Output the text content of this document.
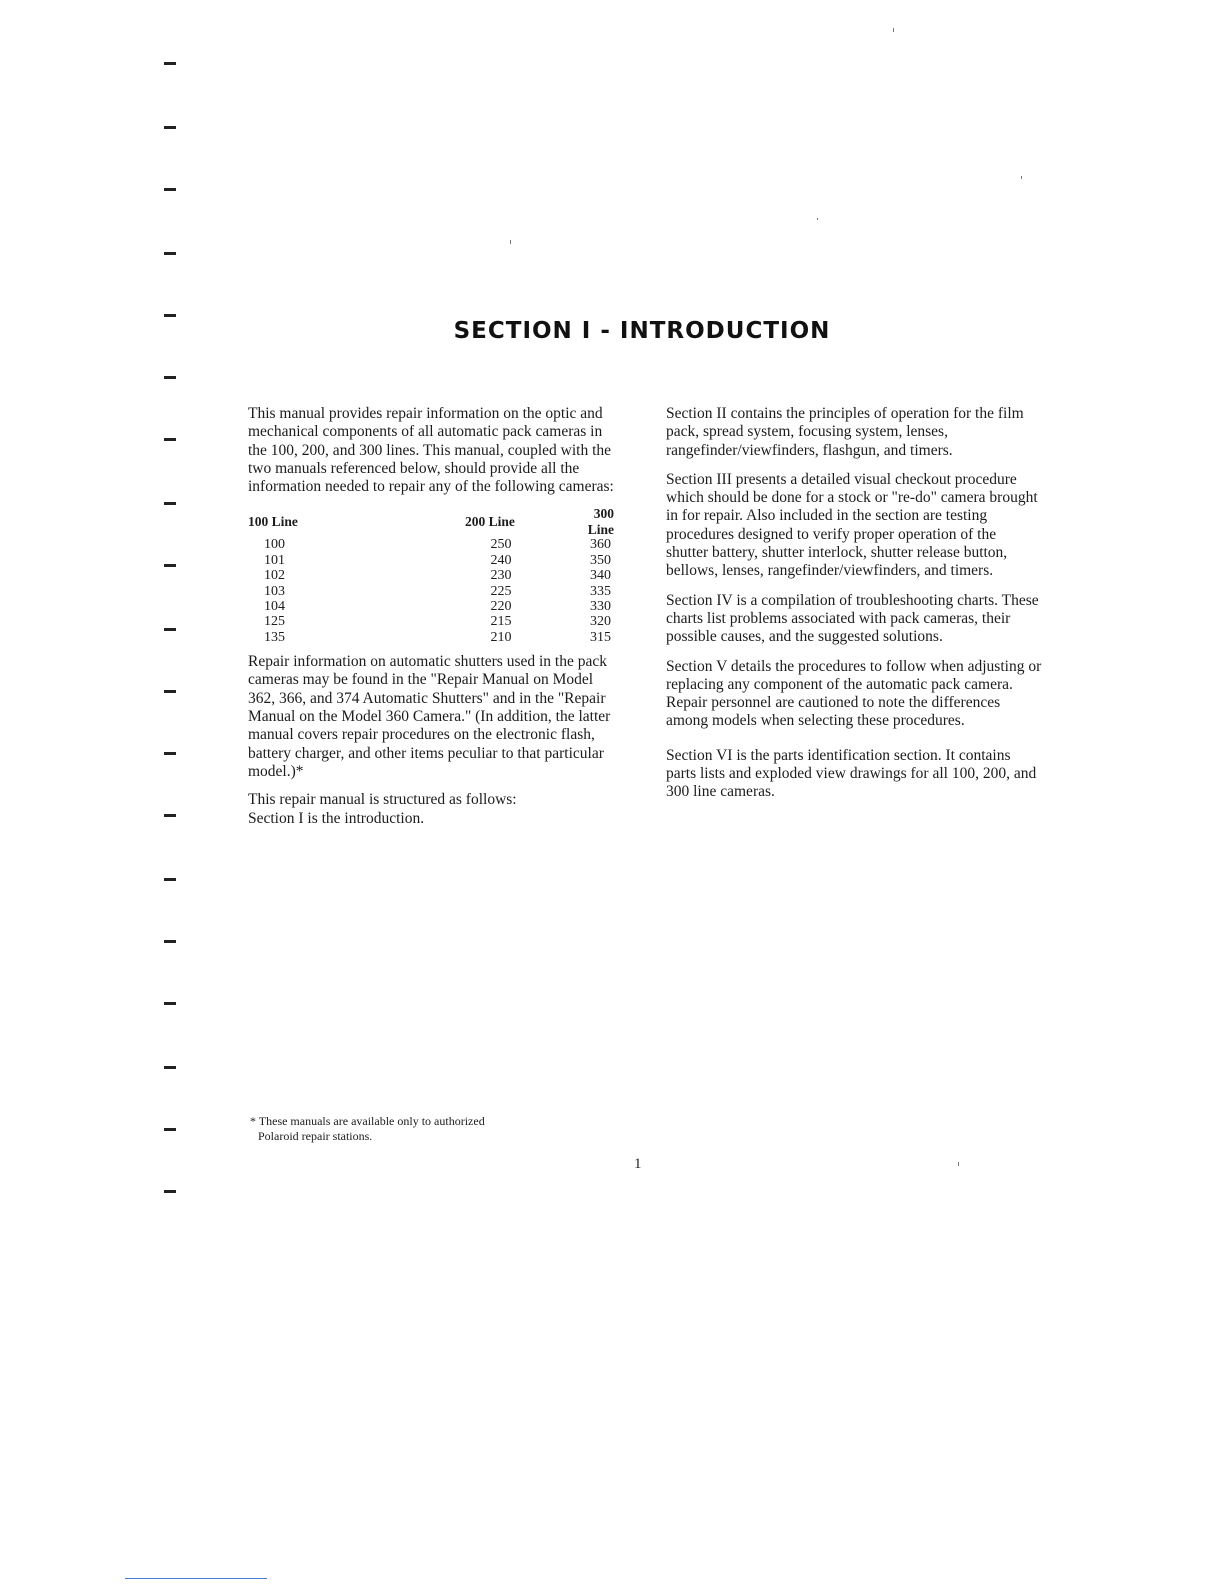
SECTION I - INTRODUCTION

This manual provides repair information on the optic and mechanical components of all automatic pack cameras in the 100, 200, and 300 lines. This manual, coupled with the two manuals referenced below, should provide all the information needed to repair any of the following cameras:

100 Line	200 Line	300 Line
100	250	360
101	240	350
102	230	340
103	225	335
104	220	330
125	215	320
135	210	315

Repair information on automatic shutters used in the pack cameras may be found in the "Repair Manual on Model 362, 366, and 374 Automatic Shutters" and in the "Repair Manual on the Model 360 Camera." (In addition, the latter manual covers repair procedures on the electronic flash, battery charger, and other items peculiar to that particular model.)*

This repair manual is structured as follows:
Section I is the introduction.

Section II contains the principles of operation for the film pack, spread system, focusing system, lenses, rangefinder/viewfinders, flashgun, and timers.

Section III presents a detailed visual checkout procedure which should be done for a stock or "re-do" camera brought in for repair. Also included in the section are testing procedures designed to verify proper operation of the shutter battery, shutter interlock, shutter release button, bellows, lenses, rangefinder/viewfinders, and timers.

Section IV is a compilation of troubleshooting charts. These charts list problems associated with pack cameras, their possible causes, and the suggested solutions.

Section V details the procedures to follow when adjusting or replacing any component of the automatic pack camera. Repair personnel are cautioned to note the differences among models when selecting these procedures.

Section VI is the parts identification section. It contains parts lists and exploded view drawings for all 100, 200, and 300 line cameras.

* These manuals are available only to authorized
Polaroid repair stations.
1
